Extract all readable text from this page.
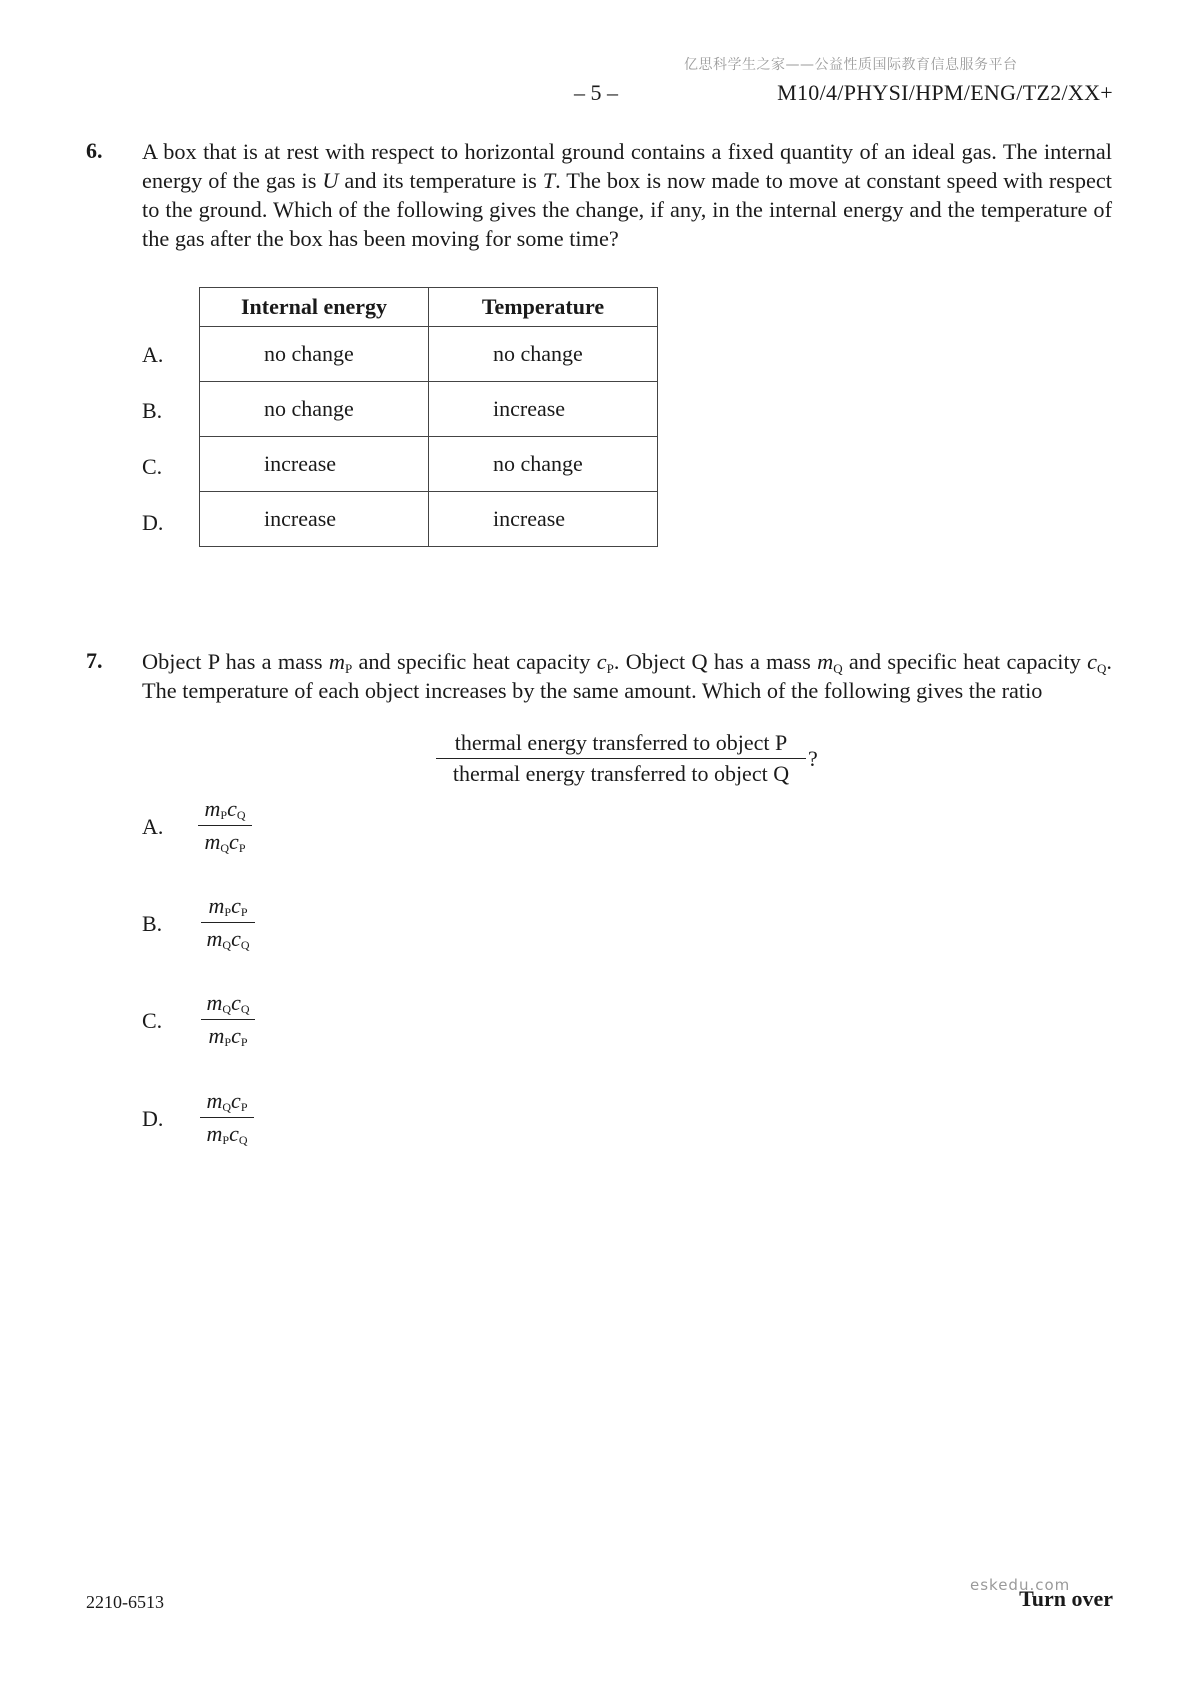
亿思科学生之家——公益性质国际教育信息服务平台
– 5 –	M10/4/PHYSI/HPM/ENG/TZ2/XX+
6. A box that is at rest with respect to horizontal ground contains a fixed quantity of an ideal gas. The internal energy of the gas is U and its temperature is T. The box is now made to move at constant speed with respect to the ground. Which of the following gives the change, if any, in the internal energy and the temperature of the gas after the box has been moving for some time?
Internal energy	Temperature
no change	no change
no change	increase
increase	no change
increase	increase
A.
B.
C.
D.
7. Object P has a mass $m_P$ and specific heat capacity $c_P$. Object Q has a mass $m_Q$ and specific heat capacity $c_Q$. The temperature of each object increases by the same amount. Which of the following gives the ratio
thermal energy transferred to object P
thermal energy transferred to object Q
?
A.
$m_Pc_Q$
$m_Qc_P$
B.
$m_Pc_P$
$m_Qc_Q$
C.
$m_Qc_Q$
$m_Pc_P$
D.
$m_Qc_P$
$m_Pc_Q$
2210-6513
eskedu.com
Turn over
